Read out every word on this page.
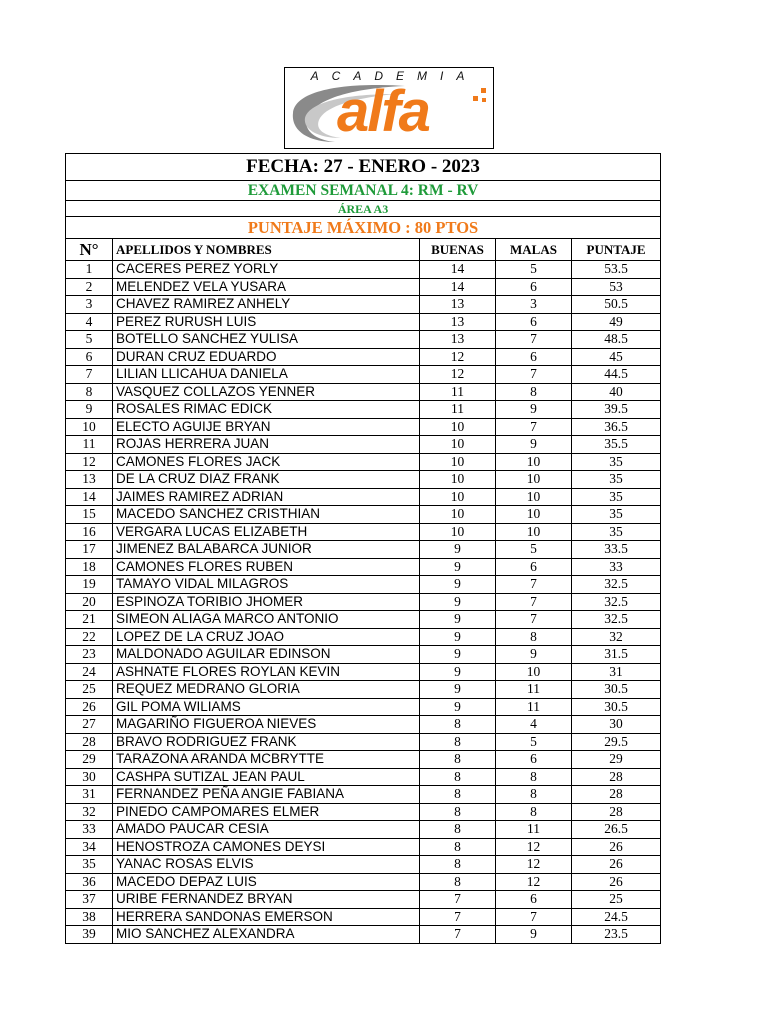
ACADEMIA
alfa
FECHA: 27 - ENERO - 2023				
EXAMEN SEMANAL 4: RM - RV				
ÁREA A3				
PUNTAJE MÁXIMO : 80 PTOS				
N°	APELLIDOS Y NOMBRES	BUENAS	MALAS	PUNTAJE
1	CACERES PEREZ YORLY	14	5	53.5
2	MELENDEZ VELA YUSARA	14	6	53
3	CHAVEZ RAMIREZ ANHELY	13	3	50.5
4	PEREZ RURUSH LUIS	13	6	49
5	BOTELLO SANCHEZ YULISA	13	7	48.5
6	DURAN CRUZ EDUARDO	12	6	45
7	LILIAN LLICAHUA DANIELA	12	7	44.5
8	VASQUEZ COLLAZOS YENNER	11	8	40
9	ROSALES RIMAC EDICK	11	9	39.5
10	ELECTO AGUIJE BRYAN	10	7	36.5
11	ROJAS HERRERA JUAN	10	9	35.5
12	CAMONES FLORES JACK	10	10	35
13	DE LA CRUZ DIAZ FRANK	10	10	35
14	JAIMES RAMIREZ ADRIAN	10	10	35
15	MACEDO SANCHEZ CRISTHIAN	10	10	35
16	VERGARA LUCAS ELIZABETH	10	10	35
17	JIMENEZ BALABARCA JUNIOR	9	5	33.5
18	CAMONES FLORES RUBEN	9	6	33
19	TAMAYO VIDAL MILAGROS	9	7	32.5
20	ESPINOZA TORIBIO JHOMER	9	7	32.5
21	SIMEON ALIAGA MARCO ANTONIO	9	7	32.5
22	LOPEZ DE LA CRUZ JOAO	9	8	32
23	MALDONADO AGUILAR EDINSON	9	9	31.5
24	ASHNATE FLORES ROYLAN KEVIN	9	10	31
25	REQUEZ MEDRANO GLORIA	9	11	30.5
26	GIL POMA WILIAMS	9	11	30.5
27	MAGARIÑO FIGUEROA NIEVES	8	4	30
28	BRAVO RODRIGUEZ FRANK	8	5	29.5
29	TARAZONA ARANDA MCBRYTTE	8	6	29
30	CASHPA SUTIZAL JEAN PAUL	8	8	28
31	FERNANDEZ PEÑA ANGIE FABIANA	8	8	28
32	PINEDO CAMPOMARES ELMER	8	8	28
33	AMADO PAUCAR CESIA	8	11	26.5
34	HENOSTROZA CAMONES DEYSI	8	12	26
35	YANAC ROSAS ELVIS	8	12	26
36	MACEDO DEPAZ LUIS	8	12	26
37	URIBE FERNANDEZ BRYAN	7	6	25
38	HERRERA SANDONAS EMERSON	7	7	24.5
39	MIO SANCHEZ ALEXANDRA	7	9	23.5
